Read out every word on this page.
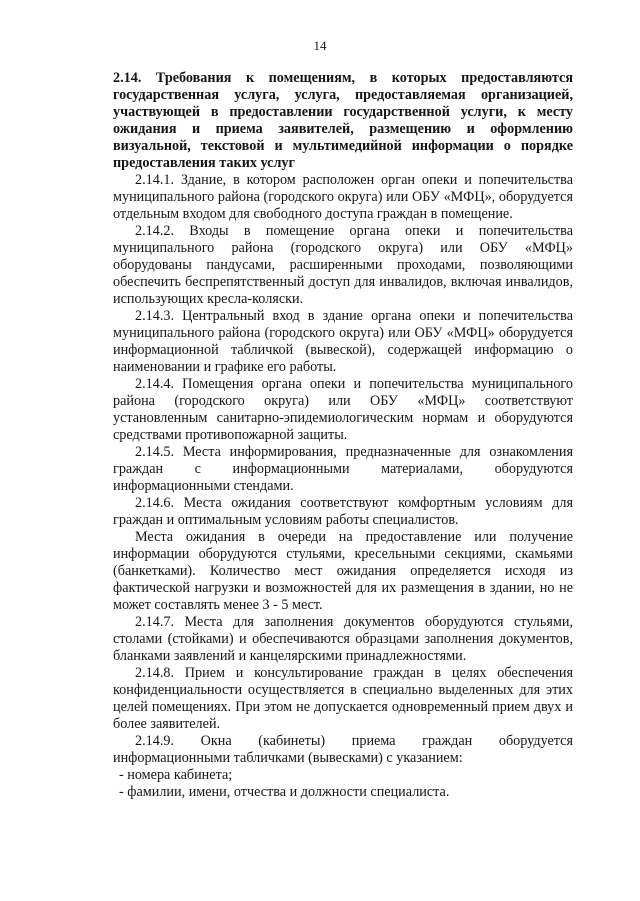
14

2.14. Требования к помещениям, в которых предоставляются государственная услуга, услуга, предоставляемая организацией, участвующей в предоставлении государственной услуги, к месту ожидания и приема заявителей, размещению и оформлению визуальной, текстовой и мультимедийной информации о порядке предоставления таких услуг

2.14.1. Здание, в котором расположен орган опеки и попечительства муниципального района (городского округа) или ОБУ «МФЦ», оборудуется отдельным входом для свободного доступа граждан в помещение.

2.14.2. Входы в помещение органа опеки и попечительства муниципального района (городского округа) или ОБУ «МФЦ» оборудованы пандусами, расширенными проходами, позволяющими обеспечить беспрепятственный доступ для инвалидов, включая инвалидов, использующих кресла-коляски.

2.14.3. Центральный вход в здание органа опеки и попечительства муниципального района (городского округа) или ОБУ «МФЦ» оборудуется информационной табличкой (вывеской), содержащей информацию о наименовании и графике его работы.

2.14.4. Помещения органа опеки и попечительства муниципального района (городского округа) или ОБУ «МФЦ» соответствуют установленным санитарно-эпидемиологическим нормам и оборудуются средствами противопожарной защиты.

2.14.5. Места информирования, предназначенные для ознакомления граждан с информационными материалами, оборудуются информационными стендами.

2.14.6. Места ожидания соответствуют комфортным условиям для граждан и оптимальным условиям работы специалистов.

Места ожидания в очереди на предоставление или получение информации оборудуются стульями, кресельными секциями, скамьями (банкетками). Количество мест ожидания определяется исходя из фактической нагрузки и возможностей для их размещения в здании, но не может составлять менее 3 - 5 мест.

2.14.7. Места для заполнения документов оборудуются стульями, столами (стойками) и обеспечиваются образцами заполнения документов, бланками заявлений и канцелярскими принадлежностями.

2.14.8. Прием и консультирование граждан в целях обеспечения конфиденциальности осуществляется в специально выделенных для этих целей помещениях. При этом не допускается одновременный прием двух и более заявителей.

2.14.9. Окна (кабинеты) приема граждан оборудуется информационными табличками (вывесками) с указанием:

- номера кабинета;

- фамилии, имени, отчества и должности специалиста.
